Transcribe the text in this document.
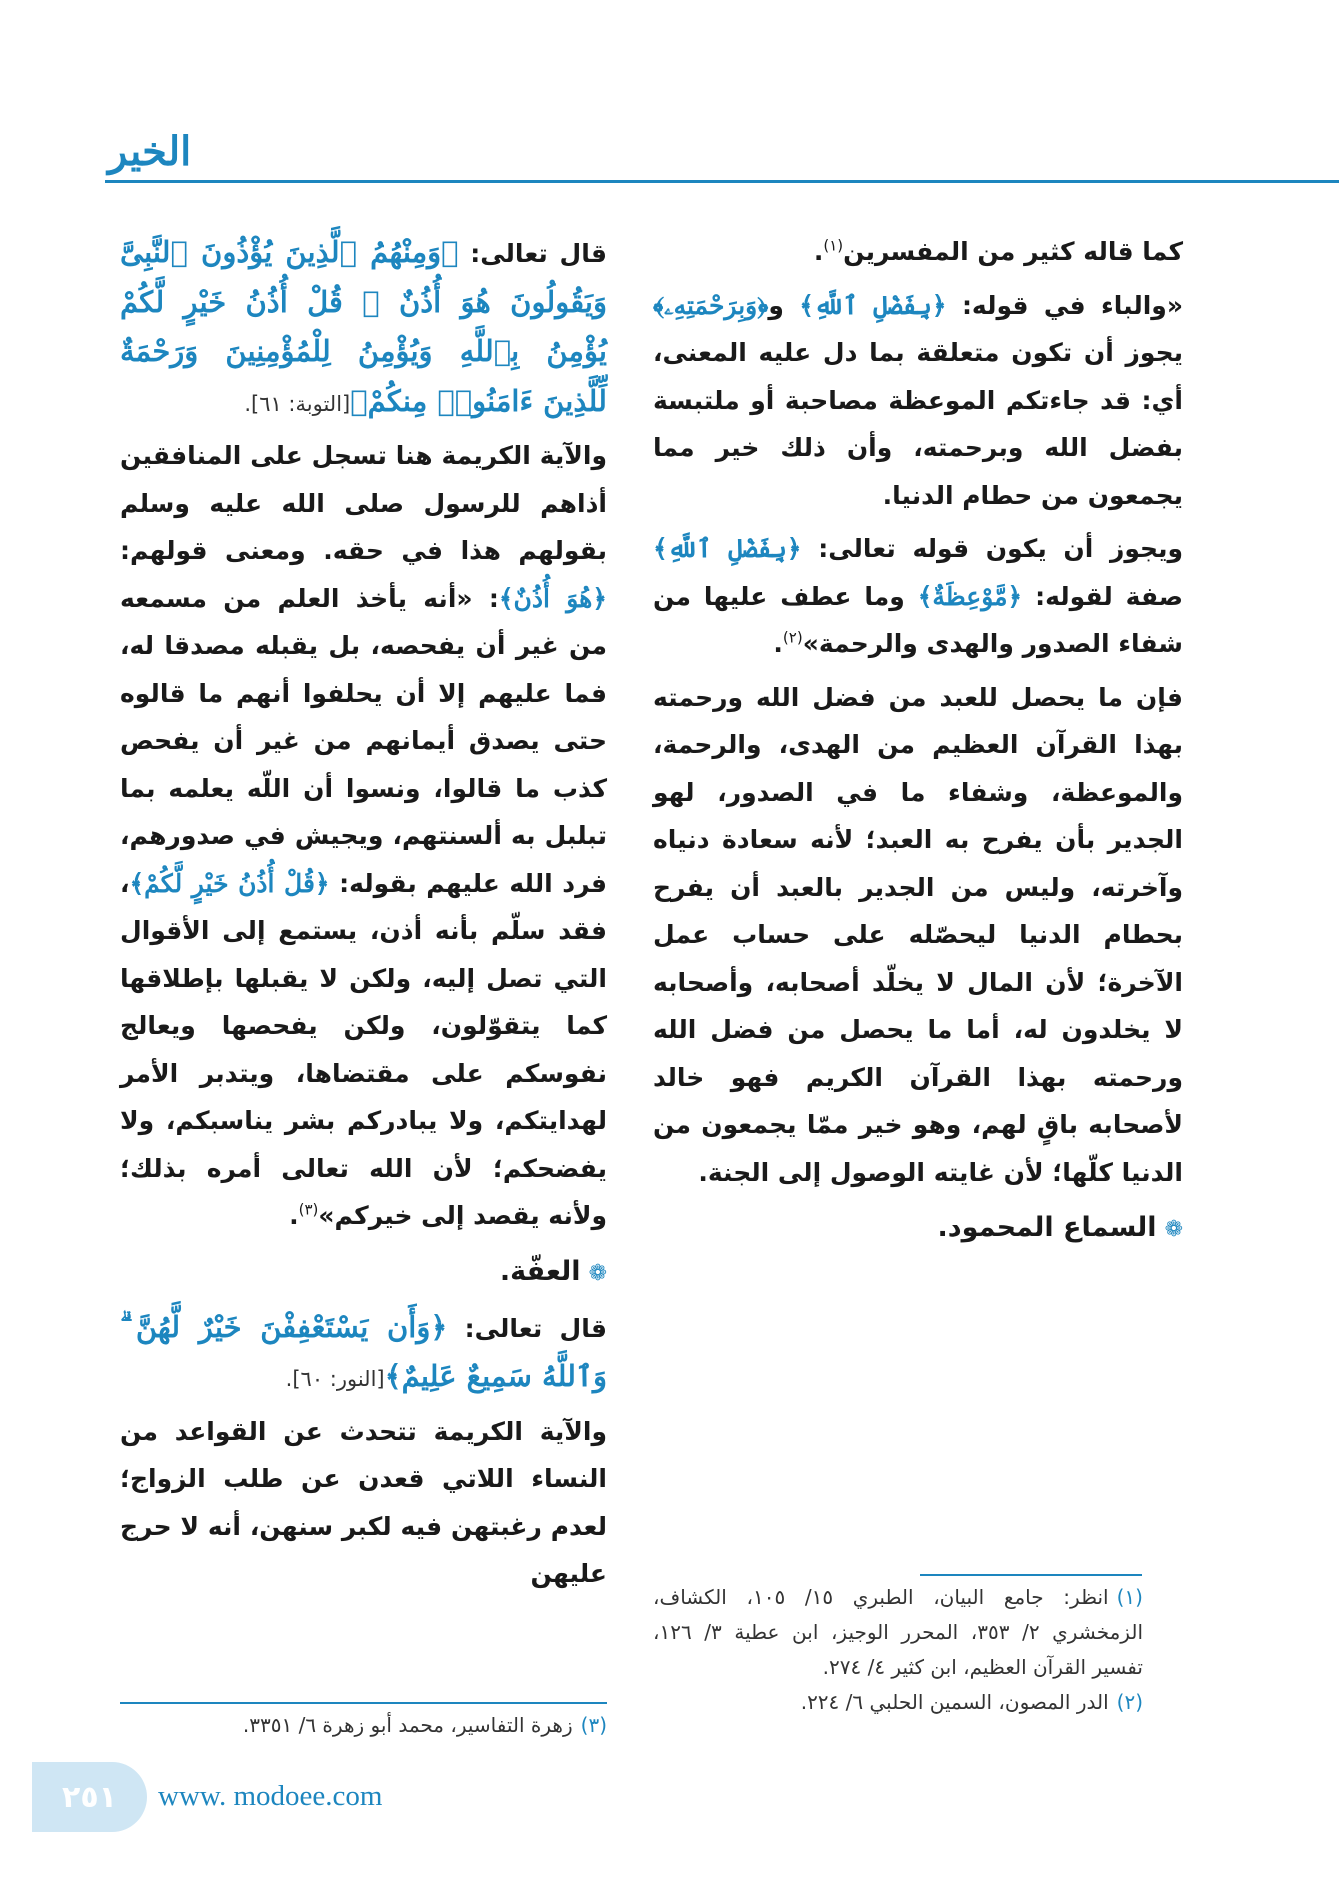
الخير

كما قاله كثير من المفسرين$^{(١)}$.

«والباء في قوله: ﴿بِفَضْلِ ٱللَّهِ﴾ و﴿وَبِرَحْمَتِهِۦ﴾ يجوز أن تكون متعلقة بما دل عليه المعنى، أي: قد جاءتكم الموعظة مصاحبة أو ملتبسة بفضل الله وبرحمته، وأن ذلك خير مما يجمعون من حطام الدنيا.

ويجوز أن يكون قوله تعالى: ﴿بِفَضْلِ ٱللَّهِ﴾ صفة لقوله: ﴿مَّوْعِظَةٌ﴾ وما عطف عليها من شفاء الصدور والهدى والرحمة»$^{(٢)}$.

فإن ما يحصل للعبد من فضل الله ورحمته بهذا القرآن العظيم من الهدى، والرحمة، والموعظة، وشفاء ما في الصدور، لهو الجدير بأن يفرح به العبد؛ لأنه سعادة دنياه وآخرته، وليس من الجدير بالعبد أن يفرح بحطام الدنيا ليحصّله على حساب عمل الآخرة؛ لأن المال لا يخلّد أصحابه، وأصحابه لا يخلدون له، أما ما يحصل من فضل الله ورحمته بهذا القرآن الكريم فهو خالد لأصحابه باقٍ لهم، وهو خير ممّا يجمعون من الدنيا كلّها؛ لأن غايته الوصول إلى الجنة.

❁السماع المحمود.

(١)انظر: جامع البيان، الطبري ١٥/ ١٠٥، الكشاف، الزمخشري ٢/ ٣٥٣، المحرر الوجيز، ابن عطية ٣/ ١٢٦، تفسير القرآن العظيم، ابن كثير ٤/ ٢٧٤.

(٢)الدر المصون، السمين الحلبي ٦/ ٢٢٤.

قال تعالى: ﴿وَمِنْهُمُ ٱلَّذِينَ يُؤْذُونَ ٱلنَّبِىَّ وَيَقُولُونَ هُوَ أُذُنٌ ۚ قُلْ أُذُنُ خَيْرٍ لَّكُمْ يُؤْمِنُ بِٱللَّهِ وَيُؤْمِنُ لِلْمُؤْمِنِينَ وَرَحْمَةٌ لِّلَّذِينَ ءَامَنُوا۟ مِنكُمْ﴾[التوبة: ٦١].

والآية الكريمة هنا تسجل على المنافقين أذاهم للرسول صلى الله عليه وسلم بقولهم هذا في حقه. ومعنى قولهم: ﴿هُوَ أُذُنٌ﴾: «أنه يأخذ العلم من مسمعه من غير أن يفحصه، بل يقبله مصدقا له، فما عليهم إلا أن يحلفوا أنهم ما قالوه حتى يصدق أيمانهم من غير أن يفحص كذب ما قالوا، ونسوا أن اللّه يعلمه بما تبلبل به ألسنتهم، ويجيش في صدورهم، فرد الله عليهم بقوله: ﴿قُلْ أُذُنُ خَيْرٍ لَّكُمْ﴾، فقد سلّم بأنه أذن، يستمع إلى الأقوال التي تصل إليه، ولكن لا يقبلها بإطلاقها كما يتقوّلون، ولكن يفحصها ويعالج نفوسكم على مقتضاها، ويتدبر الأمر لهدايتكم، ولا يبادركم بشر يناسبكم، ولا يفضحكم؛ لأن الله تعالى أمره بذلك؛ ولأنه يقصد إلى خيركم»$^{(٣)}$.

❁العفّة.

قال تعالى: ﴿وَأَن يَسْتَعْفِفْنَ خَيْرٌ لَّهُنَّ ۗ وَٱللَّهُ سَمِيعٌ عَلِيمٌ﴾[النور: ٦٠].

والآية الكريمة تتحدث عن القواعد من النساء اللاتي قعدن عن طلب الزواج؛ لعدم رغبتهن فيه لكبر سنهن، أنه لا حرج عليهن

(٣)زهرة التفاسير، محمد أبو زهرة ٦/ ٣٣٥١.

٢٥١	www. modoee.com
